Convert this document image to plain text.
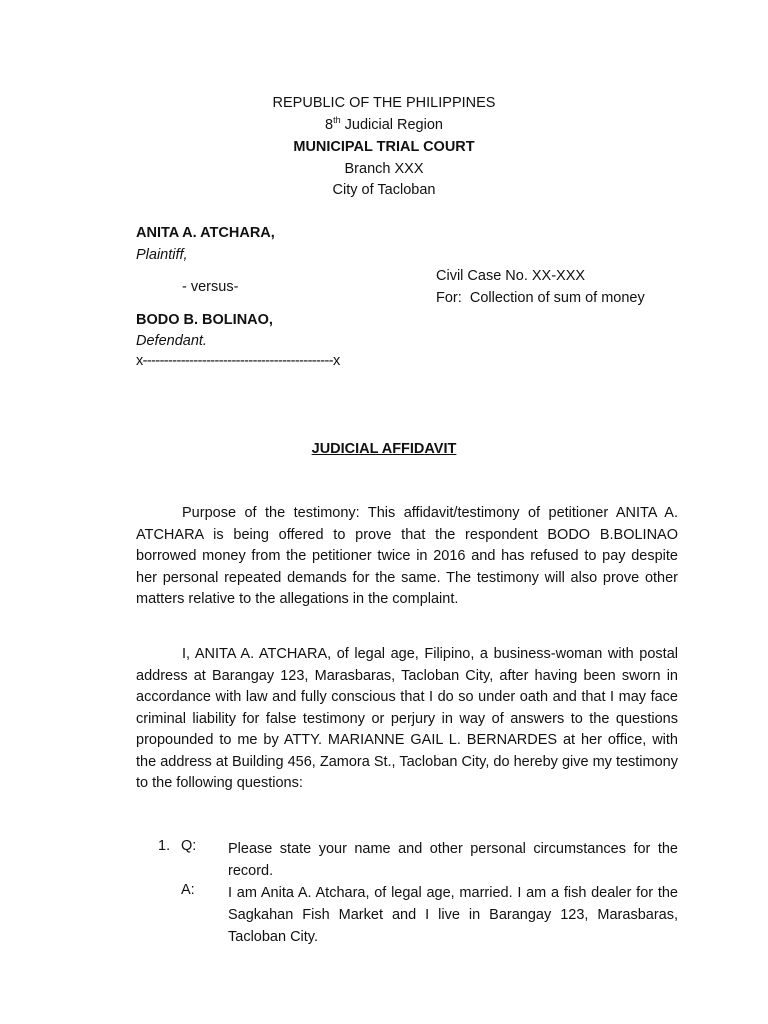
REPUBLIC OF THE PHILIPPINES
8th Judicial Region
MUNICIPAL TRIAL COURT
Branch XXX
City of Tacloban
ANITA A. ATCHARA,
Plaintiff,
- versus-
BODO B. BOLINAO,
Defendant.
x---------------------------------------------x
Civil Case No. XX-XXX
For: Collection of sum of money
JUDICIAL AFFIDAVIT
Purpose of the testimony: This affidavit/testimony of petitioner ANITA A. ATCHARA is being offered to prove that the respondent BODO B.BOLINAO borrowed money from the petitioner twice in 2016 and has refused to pay despite her personal repeated demands for the same. The testimony will also prove other matters relative to the allegations in the complaint.
I, ANITA A. ATCHARA, of legal age, Filipino, a business-woman with postal address at Barangay 123, Marasbaras, Tacloban City, after having been sworn in accordance with law and fully conscious that I do so under oath and that I may face criminal liability for false testimony or perjury in way of answers to the questions propounded to me by ATTY. MARIANNE GAIL L. BERNARDES at her office, with the address at Building 456, Zamora St., Tacloban City, do hereby give my testimony to the following questions:
1. Q: Please state your name and other personal circumstances for the record.
A: I am Anita A. Atchara, of legal age, married. I am a fish dealer for the Sagkahan Fish Market and I live in Barangay 123, Marasbaras, Tacloban City.
